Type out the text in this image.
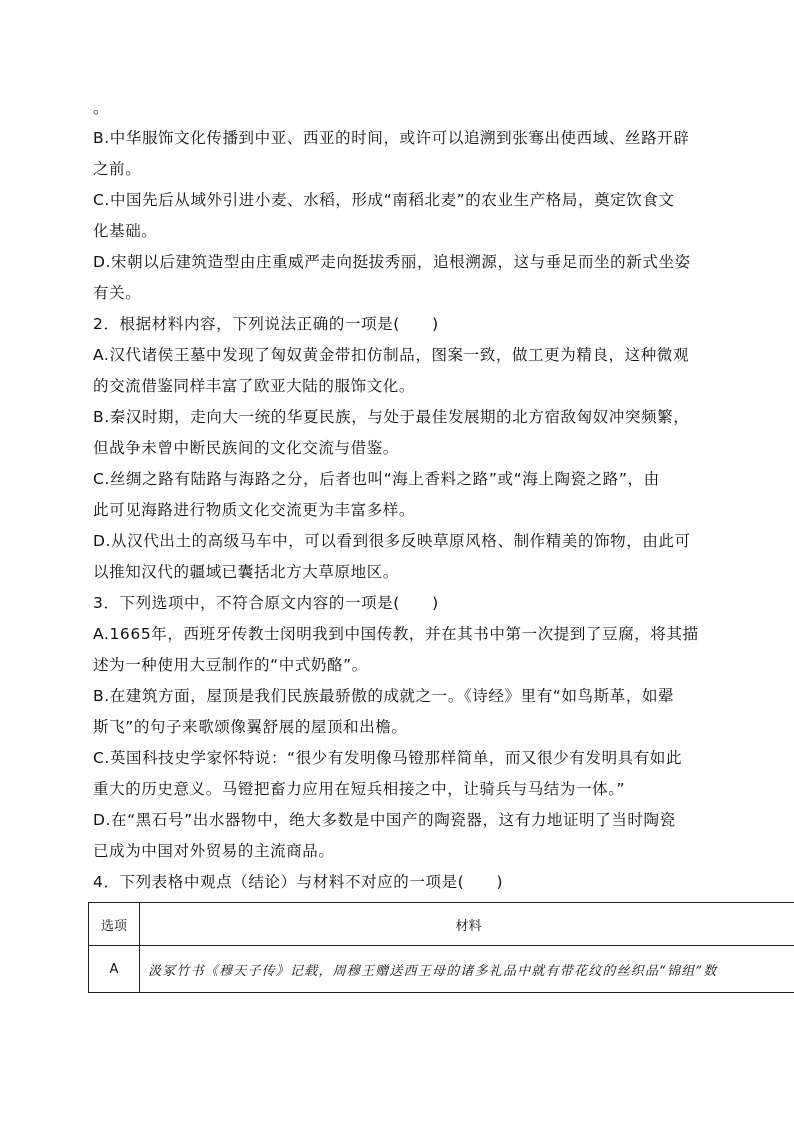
。

B.中华服饰文化传播到中亚、西亚的时间，或许可以追溯到张骞出使西域、丝路开辟

之前。

C.中国先后从域外引进小麦、水稻，形成“南稻北麦”的农业生产格局，奠定饮食文

化基础。

D.宋朝以后建筑造型由庄重威严走向挺拔秀丽，追根溯源，这与垂足而坐的新式坐姿

有关。

2．根据材料内容，下列说法正确的一项是(　　)

A.汉代诸侯王墓中发现了匈奴黄金带扣仿制品，图案一致，做工更为精良，这种微观

的交流借鉴同样丰富了欧亚大陆的服饰文化。

B.秦汉时期，走向大一统的华夏民族，与处于最佳发展期的北方宿敌匈奴冲突频繁，

但战争未曾中断民族间的文化交流与借鉴。

C.丝绸之路有陆路与海路之分，后者也叫“海上香料之路”或“海上陶瓷之路”，由

此可见海路进行物质文化交流更为丰富多样。

D.从汉代出土的高级马车中，可以看到很多反映草原风格、制作精美的饰物，由此可

以推知汉代的疆域已囊括北方大草原地区。

3．下列选项中，不符合原文内容的一项是(　　)

A.1665年，西班牙传教士闵明我到中国传教，并在其书中第一次提到了豆腐，将其描

述为一种使用大豆制作的“中式奶酪”。

B.在建筑方面，屋顶是我们民族最骄傲的成就之一。《诗经》里有“如鸟斯革，如翚

斯飞”的句子来歌颂像翼舒展的屋顶和出檐。

C.英国科技史学家怀特说：“很少有发明像马镫那样简单，而又很少有发明具有如此

重大的历史意义。马镫把畜力应用在短兵相接之中，让骑兵与马结为一体。”

D.在“黑石号”出水器物中，绝大多数是中国产的陶瓷器，这有力地证明了当时陶瓷

已成为中国对外贸易的主流商品。

4．下列表格中观点（结论）与材料不对应的一项是(　　)

选项	材料
A	汲冢竹书《穆天子传》记载，周穆王赠送西王母的诸多礼品中就有带花纹的丝织品“锦组”数
